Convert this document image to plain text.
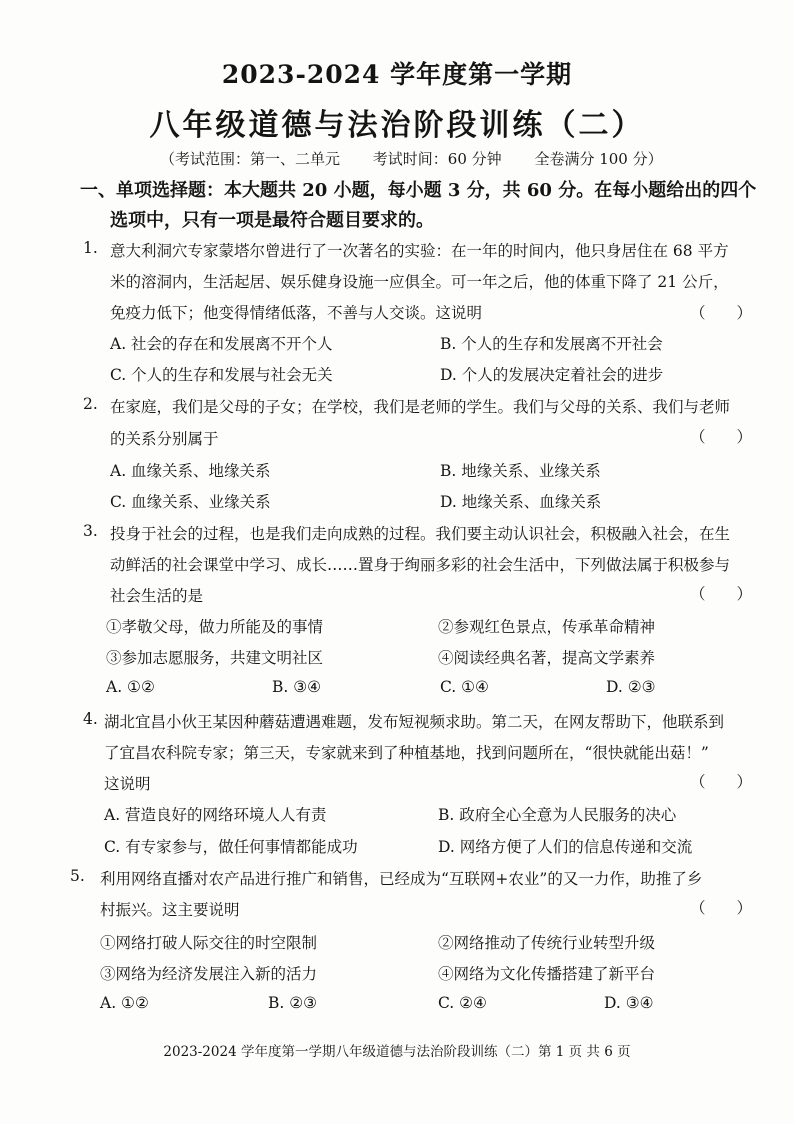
2023-2024 学年度第一学期
八年级道德与法治阶段训练（二）
（考试范围：第一、二单元 考试时间：60 分钟 全卷满分 100 分）
一、单项选择题：本大题共 20 小题，每小题 3 分，共 60 分。在每小题给出的四个
选项中，只有一项是最符合题目要求的。
1. 意大利洞穴专家蒙塔尔曾进行了一次著名的实验：在一年的时间内，他只身居住在 68 平方
米的溶洞内，生活起居、娱乐健身设施一应俱全。可一年之后，他的体重下降了 21 公斤，
免疫力低下；他变得情绪低落，不善与人交谈。这说明	（　　）
A. 社会的存在和发展离不开个人	B. 个人的生存和发展离不开社会
C. 个人的生存和发展与社会无关	D. 个人的发展决定着社会的进步
2. 在家庭，我们是父母的子女；在学校，我们是老师的学生。我们与父母的关系、我们与老师
的关系分别属于	（　　）
A. 血缘关系、地缘关系	B. 地缘关系、业缘关系
C. 血缘关系、业缘关系	D. 地缘关系、血缘关系
3. 投身于社会的过程，也是我们走向成熟的过程。我们要主动认识社会，积极融入社会，在生
动鲜活的社会课堂中学习、成长……置身于绚丽多彩的社会生活中，下列做法属于积极参与
社会生活的是	（　　）
①孝敬父母，做力所能及的事情	②参观红色景点，传承革命精神
③参加志愿服务，共建文明社区	④阅读经典名著，提高文学素养
A. ①②	B. ③④	C. ①④	D. ②③
4. 湖北宜昌小伙王某因种蘑菇遭遇难题，发布短视频求助。第二天，在网友帮助下，他联系到
了宜昌农科院专家；第三天，专家就来到了种植基地，找到问题所在，“很快就能出菇！”
这说明	（　　）
A. 营造良好的网络环境人人有责	B. 政府全心全意为人民服务的决心
C. 有专家参与，做任何事情都能成功	D. 网络方便了人们的信息传递和交流
5. 利用网络直播对农产品进行推广和销售，已经成为“互联网+农业”的又一力作，助推了乡
村振兴。这主要说明	（　　）
①网络打破人际交往的时空限制	②网络推动了传统行业转型升级
③网络为经济发展注入新的活力	④网络为文化传播搭建了新平台
A. ①②	B. ②③	C. ②④	D. ③④
2023-2024 学年度第一学期八年级道德与法治阶段训练（二）第 1 页 共 6 页
